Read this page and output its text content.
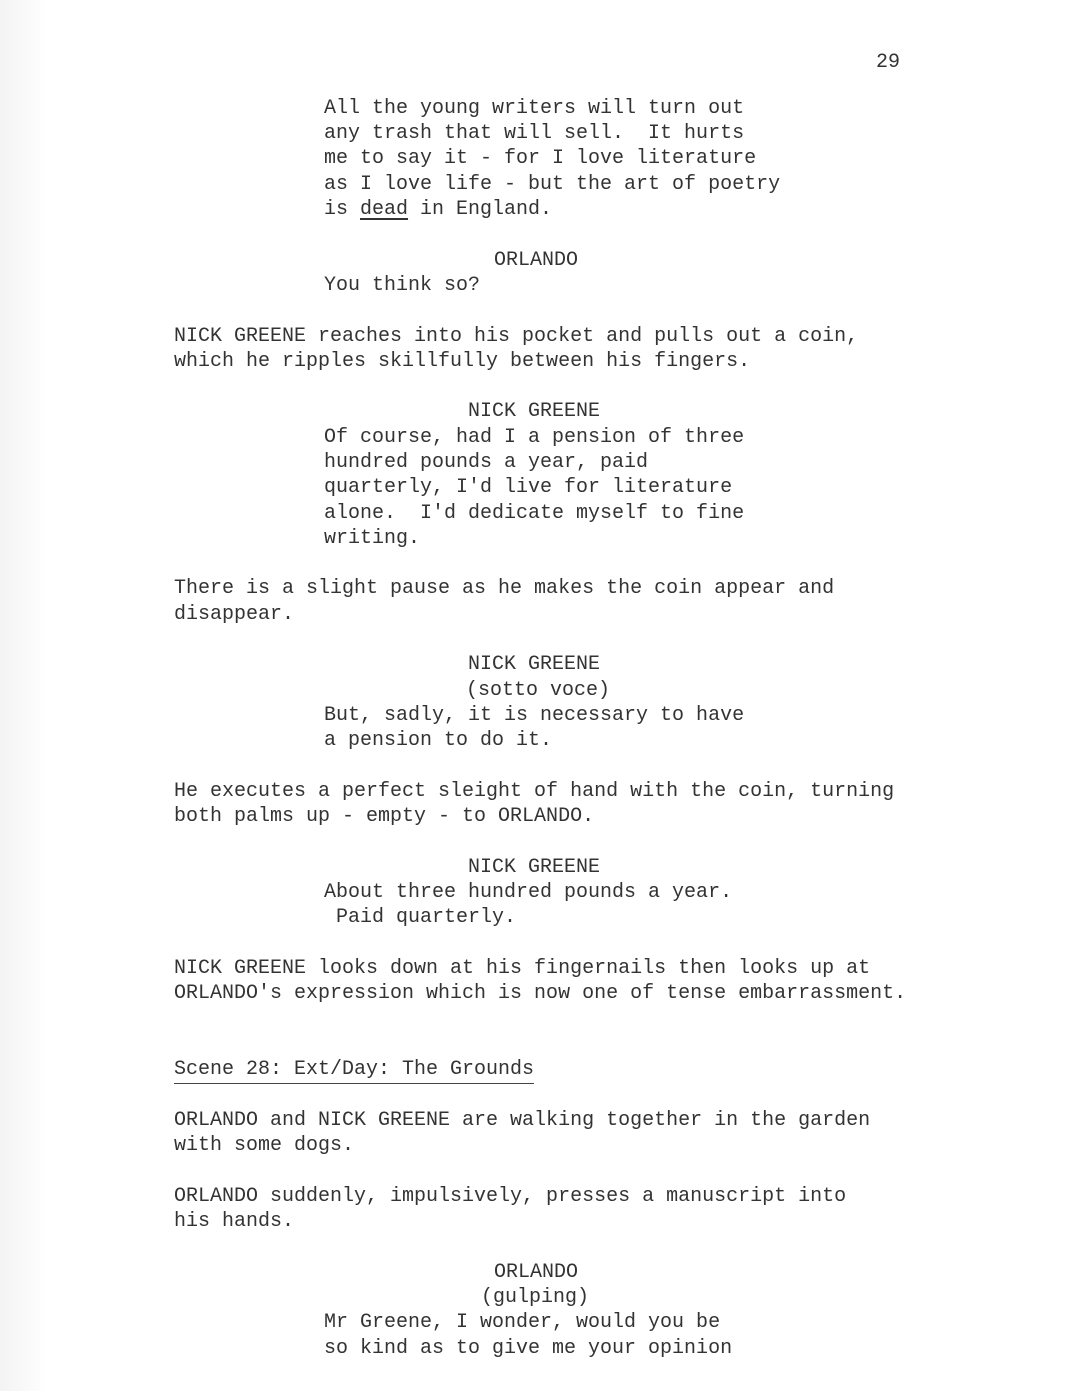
29
All the young writers will turn out
any trash that will sell.  It hurts
me to say it - for I love literature
as I love life - but the art of poetry
is dead in England.
ORLANDO
You think so?
NICK GREENE reaches into his pocket and pulls out a coin,
which he ripples skillfully between his fingers.
NICK GREENE
Of course, had I a pension of three
hundred pounds a year, paid
quarterly, I'd live for literature
alone.  I'd dedicate myself to fine
writing.
There is a slight pause as he makes the coin appear and
disappear.
NICK GREENE
(sotto voce)
But, sadly, it is necessary to have
a pension to do it.
He executes a perfect sleight of hand with the coin, turning
both palms up - empty - to ORLANDO.
NICK GREENE
About three hundred pounds a year.
Paid quarterly.
NICK GREENE looks down at his fingernails then looks up at
ORLANDO's expression which is now one of tense embarrassment.
Scene 28: Ext/Day: The Grounds
ORLANDO and NICK GREENE are walking together in the garden
with some dogs.
ORLANDO suddenly, impulsively, presses a manuscript into
his hands.
ORLANDO
(gulping)
Mr Greene, I wonder, would you be
so kind as to give me your opinion
